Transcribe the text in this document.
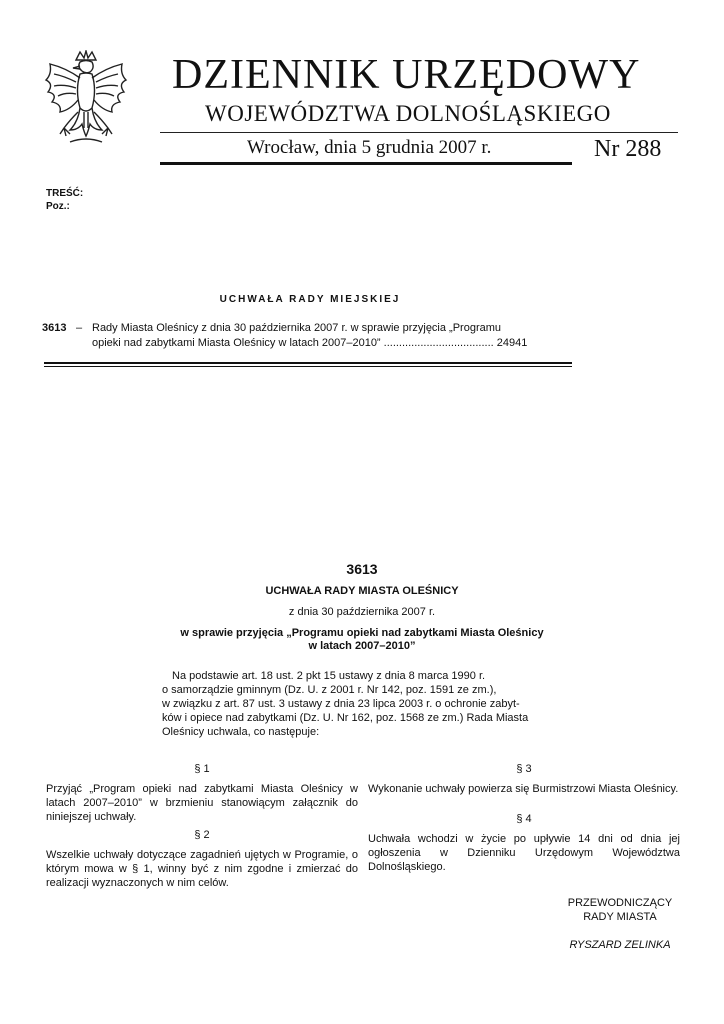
DZIENNIK URZĘDOWY
WOJEWÓDZTWA DOLNOŚLĄSKIEGO
Wrocław, dnia 5 grudnia 2007 r.	Nr 288
TREŚĆ:
Poz.:
UCHWAŁA RADY MIEJSKIEJ
3613 – Rady Miasta Oleśnicy z dnia 30 października 2007 r. w sprawie przyjęcia „Programu
opieki nad zabytkami Miasta Oleśnicy w latach 2007–2010” .................................... 24941
3613
UCHWAŁA RADY MIASTA OLEŚNICY
z dnia 30 października 2007 r.
w sprawie przyjęcia „Programu opieki nad zabytkami Miasta Oleśnicy
w latach 2007–2010”
Na podstawie art. 18 ust. 2 pkt 15 ustawy z dnia 8 marca 1990 r.
o samorządzie gminnym (Dz. U. z 2001 r. Nr 142, poz. 1591 ze zm.),
w związku z art. 87 ust. 3 ustawy z dnia 23 lipca 2003 r. o ochronie zabyt-
ków i opiece nad zabytkami (Dz. U. Nr 162, poz. 1568 ze zm.) Rada Miasta
Oleśnicy uchwala, co następuje:
§ 1
Przyjąć „Program opieki nad zabytkami Miasta Oleśnicy w latach 2007–2010” w brzmieniu stanowiącym załącznik do niniejszej uchwały.
§ 2
Wszelkie uchwały dotyczące zagadnień ujętych w Programie, o którym mowa w § 1, winny być z nim zgodne i zmierzać do realizacji wyznaczonych w nim celów.
§ 3
Wykonanie uchwały powierza się Burmistrzowi Miasta Oleśnicy.
§ 4
Uchwała wchodzi w życie po upływie 14 dni od dnia jej ogłoszenia w Dzienniku Urzędowym Województwa Dolnośląskiego.
PRZEWODNICZĄCY
RADY MIASTA
RYSZARD ZELINKA
